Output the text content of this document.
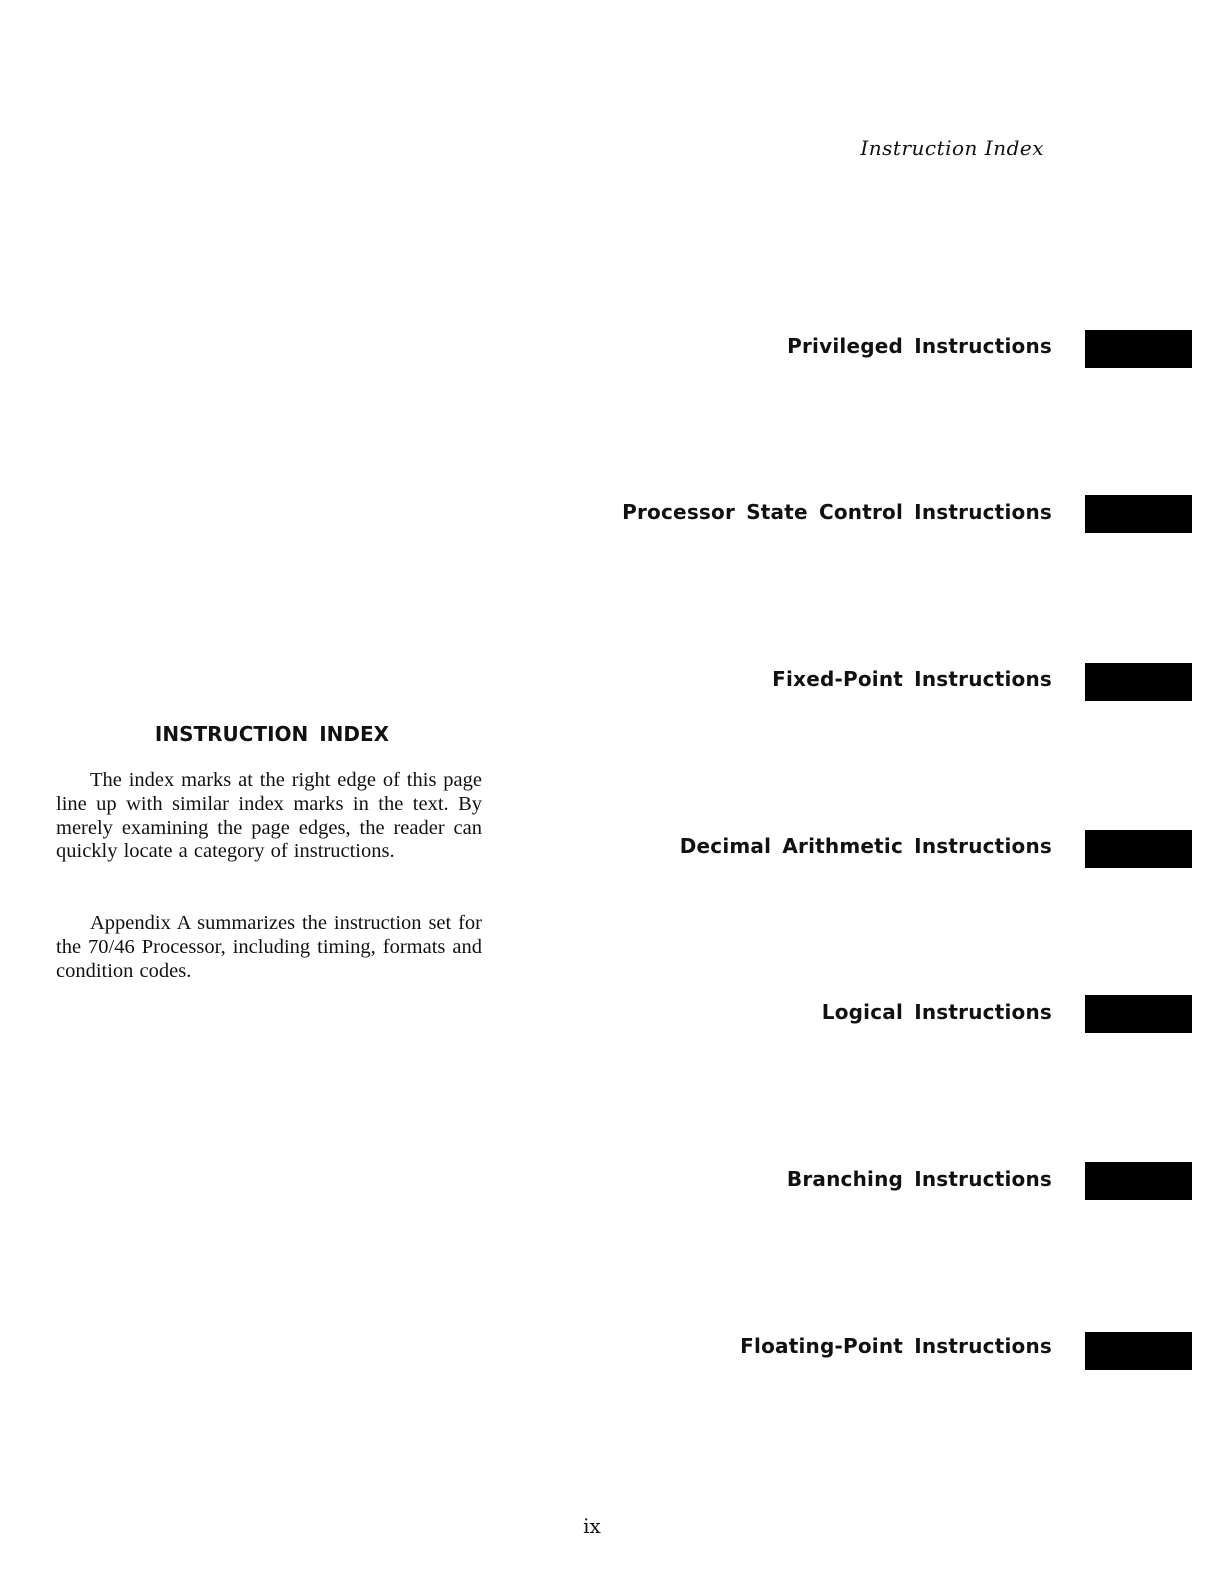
Instruction Index
Privileged Instructions
Processor State Control Instructions
Fixed-Point Instructions
Decimal Arithmetic Instructions
Logical Instructions
Branching Instructions
Floating-Point Instructions
INSTRUCTION INDEX

The index marks at the right edge of this page line up with similar index marks in the text. By merely examining the page edges, the reader can quickly locate a category of instructions.

Appendix A summarizes the instruction set for the 70/46 Processor, including timing, formats and condition codes.

ix
